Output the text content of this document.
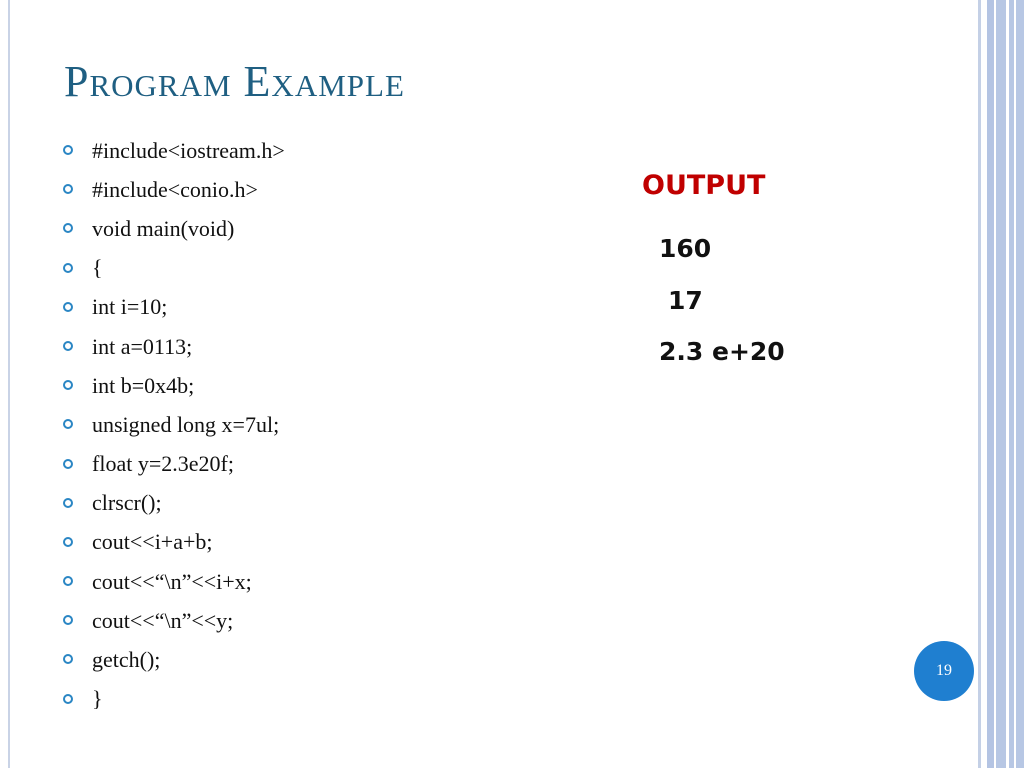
Program Example
#include<iostream.h>
#include<conio.h>
void main(void)
{
int i=10;
int a=0113;
int b=0x4b;
unsigned long x=7ul;
float y=2.3e20f;
clrscr();
cout<<i+a+b;
cout<<“\n”<<i+x;
cout<<“\n”<<y;
getch();
}
OUTPUT
160
17
2.3 e+20
19
